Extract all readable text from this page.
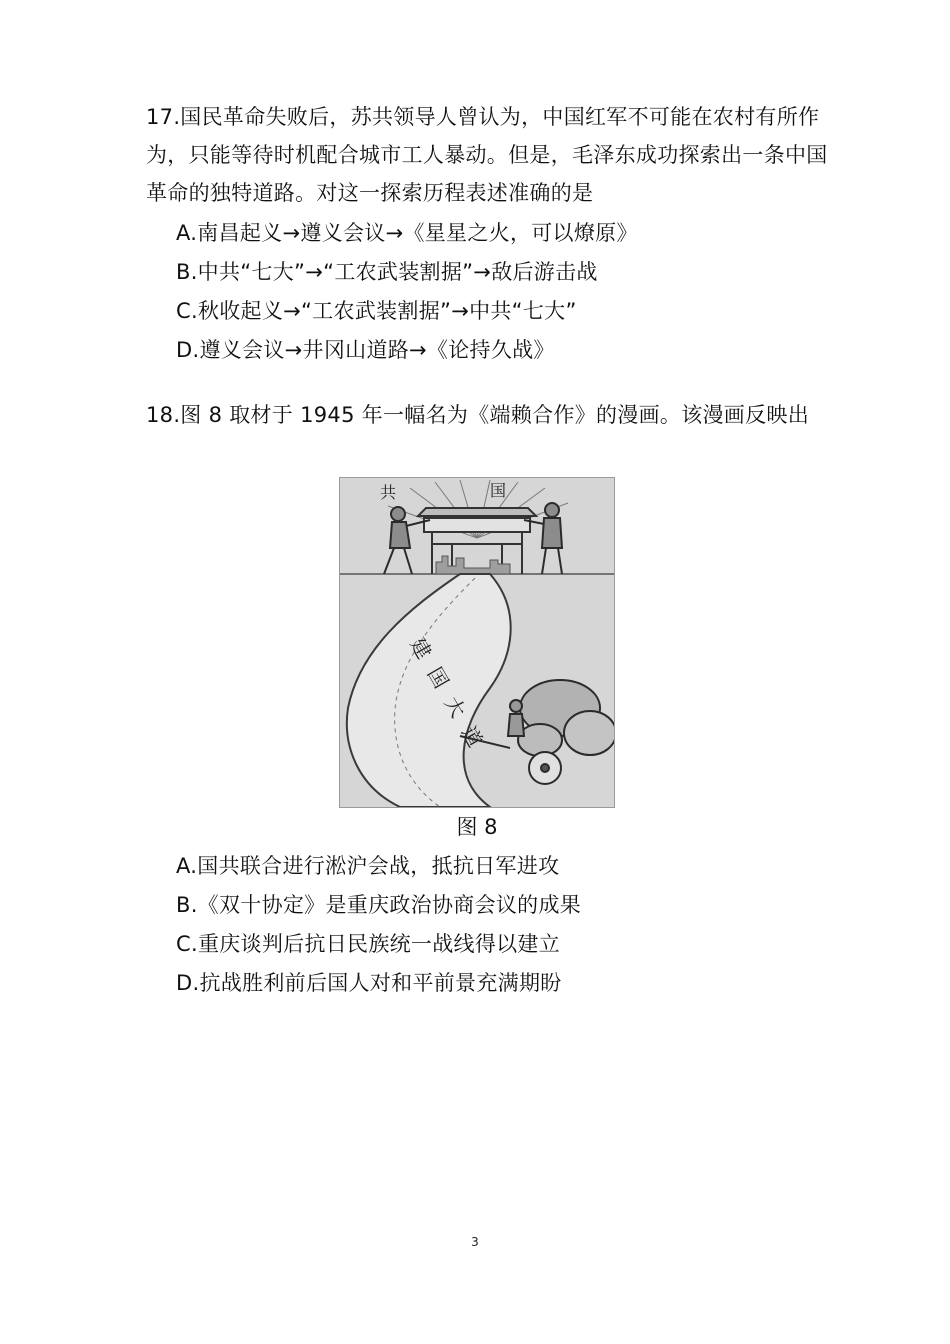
17.国民革命失败后，苏共领导人曾认为，中国红军不可能在农村有所作为，只能等待时机配合城市工人暴动。但是，毛泽东成功探索出一条中国革命的独特道路。对这一探索历程表述准确的是

A.南昌起义→遵义会议→《星星之火，可以燎原》

B.中共“七大”→“工农武装割据”→敌后游击战

C.秋收起义→“工农武装割据”→中共“七大”

D.遵义会议→井冈山道路→《论持久战》

18.图 8 取材于 1945 年一幅名为《端赖合作》的漫画。该漫画反映出

共	国
建国大道

图 8

A.国共联合进行淞沪会战，抵抗日军进攻

B.《双十协定》是重庆政治协商会议的成果

C.重庆谈判后抗日民族统一战线得以建立

D.抗战胜利前后国人对和平前景充满期盼

3
